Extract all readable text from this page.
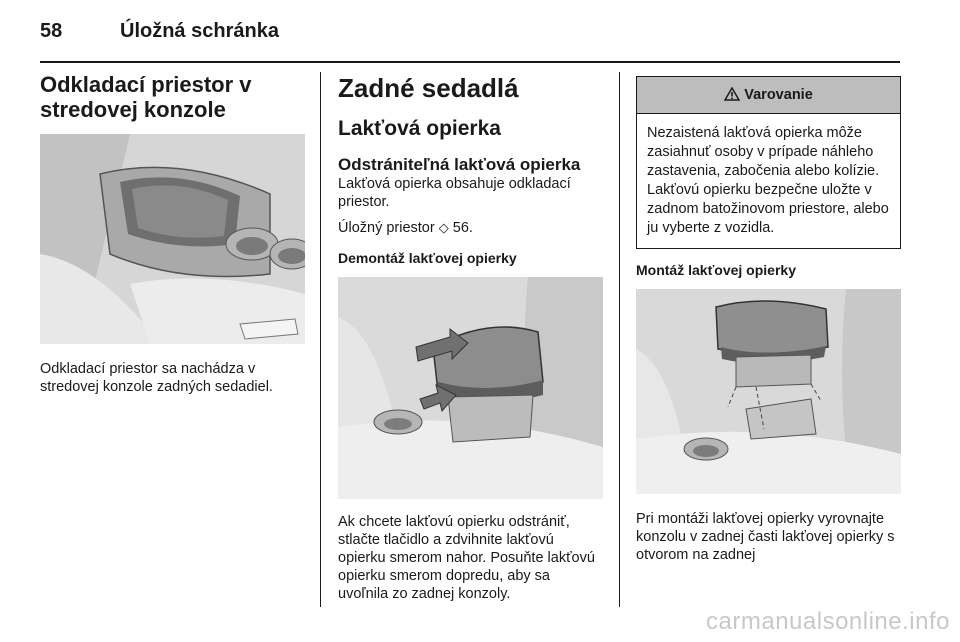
58	Úložná schránka
Odkladací priestor v stredovej konzole

Odkladací priestor sa nachádza v stredovej konzole zadných sedadiel.

Zadné sedadlá
Lakťová opierka
Odstrániteľná lakťová opierka

Lakťová opierka obsahuje odkladací priestor.

Úložný priestor ◇ 56.

Demontáž lakťovej opierky

Ak chcete lakťovú opierku odstrániť, stlačte tlačidlo a zdvihnite lakťovú opierku smerom nahor. Posuňte lakťovú opierku smerom dopredu, aby sa uvoľnila zo zadnej konzoly.

Varovanie
Nezaistená lakťová opierka môže zasiahnuť osoby v prípade náhleho zastavenia, zabočenia alebo kolízie. Lakťovú opierku bezpečne uložte v zadnom batožinovom priestore, alebo ju vyberte z vozidla.
Montáž lakťovej opierky

Pri montáži lakťovej opierky vyrovnajte konzolu v zadnej časti lakťovej opierky s otvorom na zadnej

carmanualsonline.info
